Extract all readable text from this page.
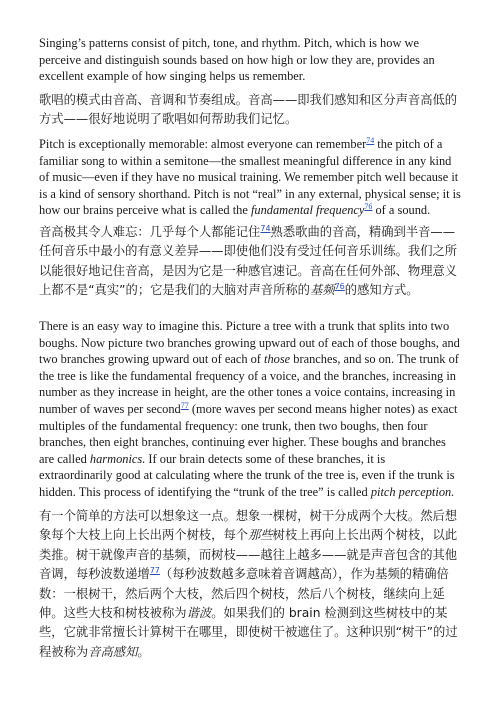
Singing’s patterns consist of pitch, tone, and rhythm. Pitch, which is how we perceive and distinguish sounds based on how high or low they are, provides an excellent example of how singing helps us remember.

歌唱的模式由音高、音调和节奏组成。音高——即我们感知和区分声音高低的方式——很好地说明了歌唱如何帮助我们记忆。

Pitch is exceptionally memorable: almost everyone can remember$^{74}$ the pitch of a familiar song to within a semitone—the smallest meaningful difference in any kind of music—even if they have no musical training. We remember pitch well because it is a kind of sensory shorthand. Pitch is not “real” in any external, physical sense; it is how our brains perceive what is called the fundamental frequency$^{76}$ of a sound.

音高极其令人难忘：几乎每个人都能记住$^{74}$熟悉歌曲的音高，精确到半音——任何音乐中最小的有意义差异——即使他们没有受过任何音乐训练。我们之所以能很好地记住音高，是因为它是一种感官速记。音高在任何外部、物理意义上都不是“真实”的；它是我们的大脑对声音所称的基频$^{76}$的感知方式。

There is an easy way to imagine this. Picture a tree with a trunk that splits into two boughs. Now picture two branches growing upward out of each of those boughs, and two branches growing upward out of each of those branches, and so on. The trunk of the tree is like the fundamental frequency of a voice, and the branches, increasing in number as they increase in height, are the other tones a voice contains, increasing in number of waves per second$^{77}$ (more waves per second means higher notes) as exact multiples of the fundamental frequency: one trunk, then two boughs, then four branches, then eight branches, continuing ever higher. These boughs and branches are called harmonics. If our brain detects some of these branches, it is extraordinarily good at calculating where the trunk of the tree is, even if the trunk is hidden. This process of identifying the “trunk of the tree” is called pitch perception.

有一个简单的方法可以想象这一点。想象一棵树，树干分成两个大枝。然后想象每个大枝上向上长出两个树枝，每个那些树枝上再向上长出两个树枝，以此类推。树干就像声音的基频，而树枝——越往上越多——就是声音包含的其他音调，每秒波数递增$^{77}$（每秒波数越多意味着音调越高），作为基频的精确倍数：一根树干，然后两个大枝，然后四个树枝，然后八个树枝，继续向上延伸。这些大枝和树枝被称为谐波。如果我们的 brain 检测到这些树枝中的某些，它就非常擅长计算树干在哪里，即使树干被遮住了。这种识别“树干”的过程被称为音高感知。
